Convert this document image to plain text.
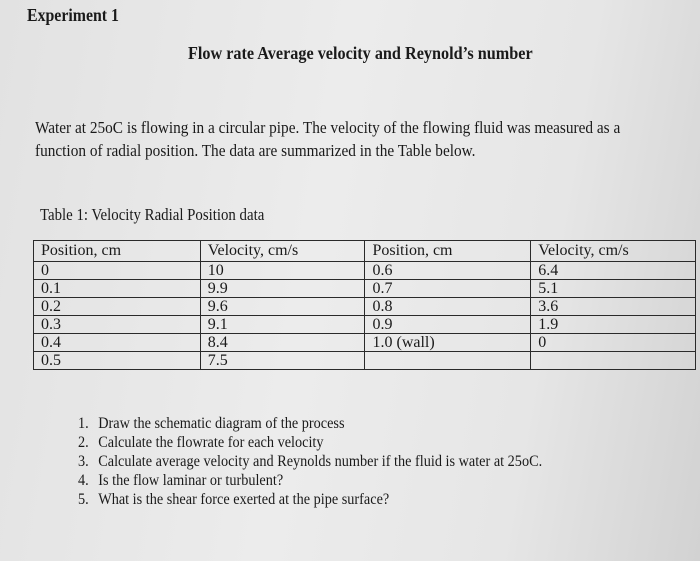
Experiment 1
Flow rate Average velocity and Reynold’s number
Water at 25oC is flowing in a circular pipe. The velocity of the flowing fluid was measured as a
function of radial position. The data are summarized in the Table below.
Table 1: Velocity Radial Position data
Position, cm	Velocity, cm/s	Position, cm	Velocity, cm/s
0	10	0.6	6.4
0.1	9.9	0.7	5.1
0.2	9.6	0.8	3.6
0.3	9.1	0.9	1.9
0.4	8.4	1.0 (wall)	0
0.5	7.5		
1. Draw the schematic diagram of the process
2. Calculate the flowrate for each velocity
3. Calculate average velocity and Reynolds number if the fluid is water at 25oC.
4. Is the flow laminar or turbulent?
5. What is the shear force exerted at the pipe surface?
